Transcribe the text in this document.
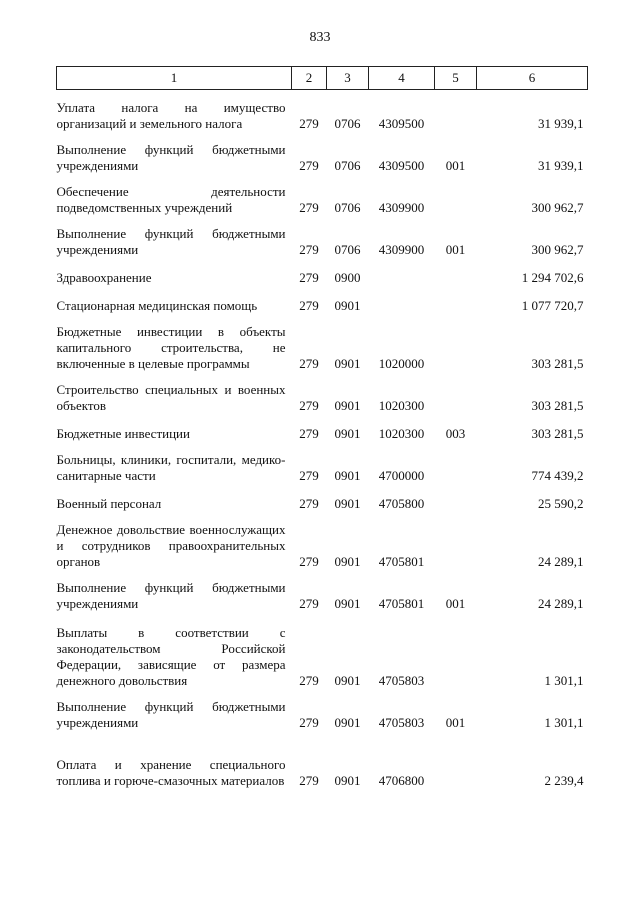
833
1	2	3	4	5	6
Уплата налога на имущество организаций и земельного налога	279	0706	4309500		31 939,1
Выполнение функций бюджетными учреждениями	279	0706	4309500	001	31 939,1
Обеспечение деятельности подведомственных учреждений	279	0706	4309900		300 962,7
Выполнение функций бюджетными учреждениями	279	0706	4309900	001	300 962,7
Здравоохранение	279	0900			1 294 702,6
Стационарная медицинская помощь	279	0901			1 077 720,7
Бюджетные инвестиции в объекты капитального строительства, не включенные в целевые программы	279	0901	1020000		303 281,5
Строительство специальных и военных объектов	279	0901	1020300		303 281,5
Бюджетные инвестиции	279	0901	1020300	003	303 281,5
Больницы, клиники, госпитали, медико-санитарные части	279	0901	4700000		774 439,2
Военный персонал	279	0901	4705800		25 590,2
Денежное довольствие военнослужащих и сотрудников правоохранительных органов	279	0901	4705801		24 289,1
Выполнение функций бюджетными учреждениями	279	0901	4705801	001	24 289,1
Выплаты в соответствии с законодательством Российской Федерации, зависящие от размера денежного довольствия	279	0901	4705803		1 301,1
Выполнение функций бюджетными учреждениями	279	0901	4705803	001	1 301,1
Оплата и хранение специального топлива и горюче-смазочных материалов	279	0901	4706800		2 239,4
